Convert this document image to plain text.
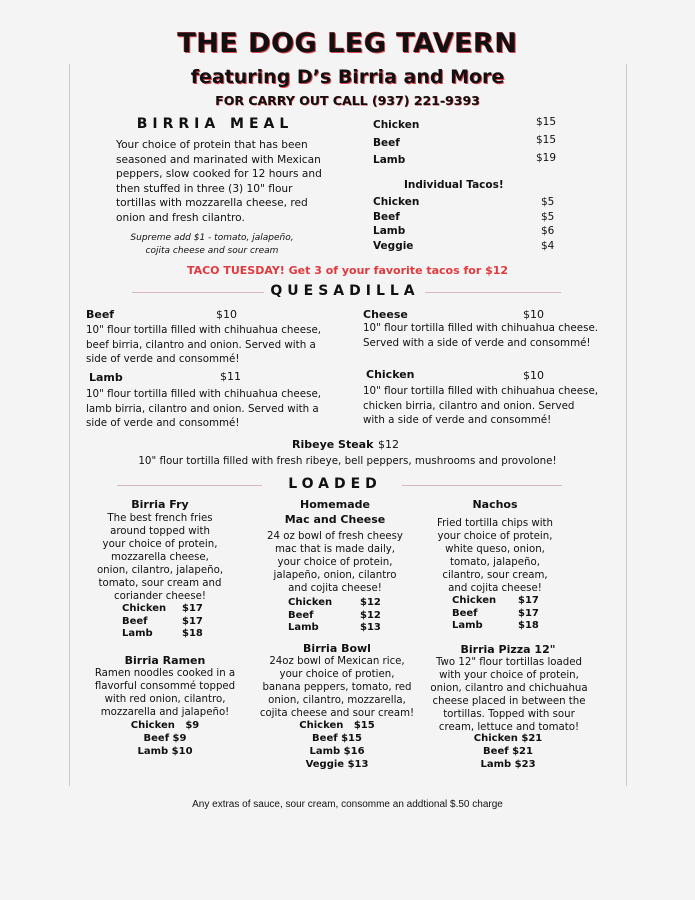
THE DOG LEG TAVERN
featuring D’s Birria and More
FOR CARRY OUT CALL (937) 221-9393
BIRRIA MEAL
Your choice of protein that has been
seasoned and marinated with Mexican
peppers, slow cooked for 12 hours and
then stuffed in three (3) 10" flour
tortillas with mozzarella cheese, red
onion and fresh cilantro.
Supreme add $1 - tomato, jalapeño,
cojita cheese and sour cream
Chicken	$15
Beef	$15
Lamb	$19
Individual Tacos!
Chicken	$5
Beef	$5
Lamb	$6
Veggie	$4
TACO TUESDAY! Get 3 of your favorite tacos for $12
QUESADILLA
Beef	$10
10" flour tortilla filled with chihuahua cheese,
beef birria, cilantro and onion. Served with a
side of verde and consommé!
Cheese	$10
10" flour tortilla filled with chihuahua cheese.
Served with a side of verde and consommé!
Lamb	$11
10" flour tortilla filled with chihuahua cheese,
lamb birria, cilantro and onion. Served with a
side of verde and consommé!
Chicken	$10
10" flour tortilla filled with chihuahua cheese,
chicken birria, cilantro and onion. Served
with a side of verde and consommé!
Ribeye Steak $12
10" flour tortilla filled with fresh ribeye, bell peppers, mushrooms and provolone!
LOADED
Birria Fry
The best french fries
around topped with
your choice of protein,
mozzarella cheese,
onion, cilantro, jalapeño,
tomato, sour cream and
coriander cheese!
Chicken $17
Beef	$17
Lamb	$18
Homemade
Mac and Cheese
24 oz bowl of fresh cheesy
mac that is made daily,
your choice of protein,
jalapeño, onion, cilantro
and cojita cheese!
Chicken	$12
Beef	$12
Lamb	$13
Nachos
Fried tortilla chips with
your choice of protein,
white queso, onion,
tomato, jalapeño,
cilantro, sour cream,
and cojita cheese!
Chicken $17
Beef	$17
Lamb	$18
Birria Ramen
Ramen noodles cooked in a
flavorful consommé topped
with red onion, cilantro,
mozzarella and jalapeño!
Chicken $9
Beef $9
Lamb $10
Birria Bowl
24oz bowl of Mexican rice,
your choice of protien,
banana peppers, tomato, red
onion, cilantro, mozzarella,
cojita cheese and sour cream!
Chicken $15
Beef $15
Lamb $16
Veggie $13
Birria Pizza 12"
Two 12" flour tortillas loaded
with your choice of protein,
onion, cilantro and chichuahua
cheese placed in between the
tortillas. Topped with sour
cream, lettuce and tomato!
Chicken $21
Beef $21
Lamb $23
Any extras of sauce, sour cream, consomme an addtional $.50 charge
